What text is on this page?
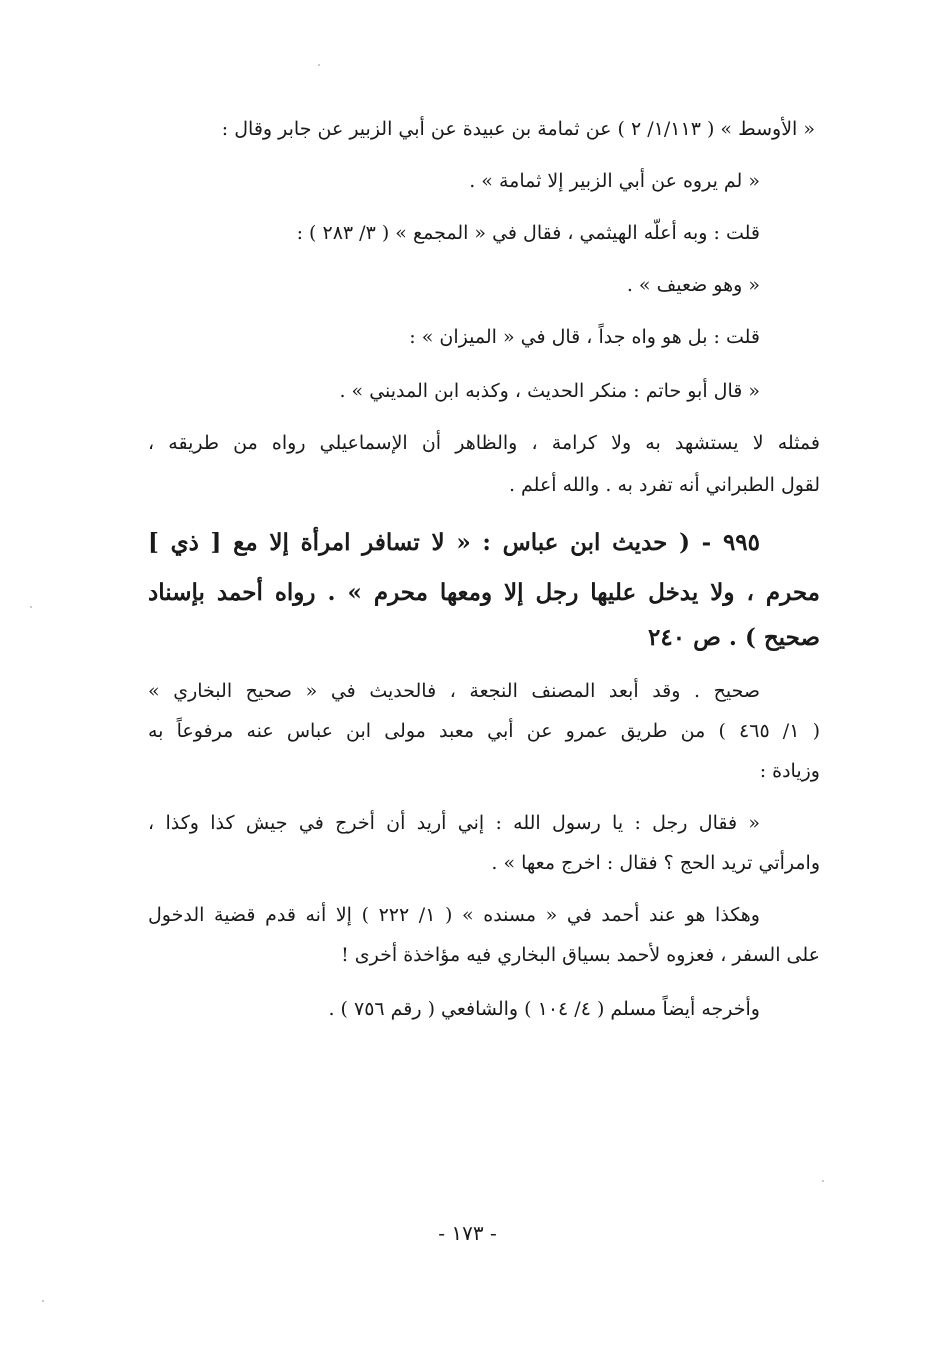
« الأوسط » ( ١/١١٣/ ٢ ) عن ثمامة بن عبيدة عن أبي الزبير عن جابر وقال :
« لم يروه عن أبي الزبير إلا ثمامة » .
قلت : وبه أعلّه الهيثمي ، فقال في « المجمع » ( ٣/ ٢٨٣ ) :
« وهو ضعيف » .
قلت : بل هو واه جداً ، قال في « الميزان » :
« قال أبو حاتم : منكر الحديث ، وكذبه ابن المديني » .
فمثله لا يستشهد به ولا كرامة ، والظاهر أن الإسماعيلي رواه من طريقه ،
لقول الطبراني أنه تفرد به . والله أعلم .
٩٩٥ - ( حديث ابن عباس : « لا تسافر امرأة إلا مع [ ذي ]
محرم ، ولا يدخل عليها رجل إلا ومعها محرم » . رواه أحمد بإسناد
صحيح ) . ص ٢٤٠
صحيح . وقد أبعد المصنف النجعة ، فالحديث في « صحيح البخاري »
( ١/ ٤٦٥ ) من طريق عمرو عن أبي معبد مولى ابن عباس عنه مرفوعاً به
وزيادة :
« فقال رجل : يا رسول الله : إني أريد أن أخرج في جيش كذا وكذا ،
وامرأتي تريد الحج ؟ فقال : اخرج معها » .
وهكذا هو عند أحمد في « مسنده » ( ١/ ٢٢٢ ) إلا أنه قدم قضية الدخول
على السفر ، فعزوه لأحمد بسياق البخاري فيه مؤاخذة أخرى !
وأخرجه أيضاً مسلم ( ٤/ ١٠٤ ) والشافعي ( رقم ٧٥٦ ) .
- ١٧٣ -
